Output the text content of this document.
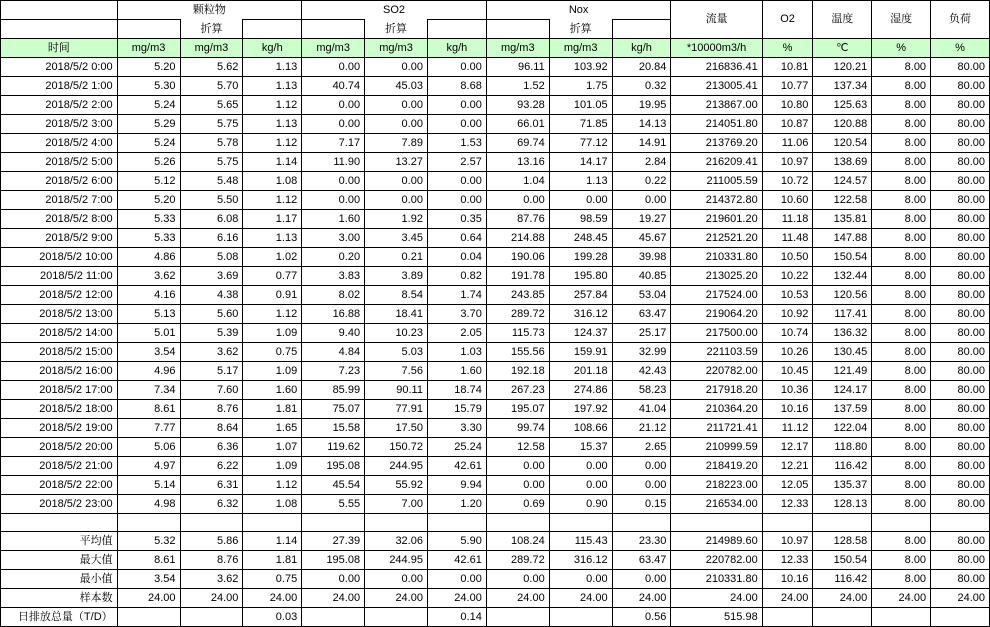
	颗粒物			SO2			Nox			流量	O2	温度	湿度	负荷
		折算			折算			折算						
时间	mg/m3	mg/m3	kg/h	mg/m3	mg/m3	kg/h	mg/m3	mg/m3	kg/h	*10000m3/h	%	℃	%	%
2018/5/2 0:00	5.20	5.62	1.13	0.00	0.00	0.00	96.11	103.92	20.84	216836.41	10.81	120.21	8.00	80.00
2018/5/2 1:00	5.30	5.70	1.13	40.74	45.03	8.68	1.52	1.75	0.32	213005.41	10.77	137.34	8.00	80.00
2018/5/2 2:00	5.24	5.65	1.12	0.00	0.00	0.00	93.28	101.05	19.95	213867.00	10.80	125.63	8.00	80.00
2018/5/2 3:00	5.29	5.75	1.13	0.00	0.00	0.00	66.01	71.85	14.13	214051.80	10.87	120.88	8.00	80.00
2018/5/2 4:00	5.24	5.78	1.12	7.17	7.89	1.53	69.74	77.12	14.91	213769.20	11.06	120.54	8.00	80.00
2018/5/2 5:00	5.26	5.75	1.14	11.90	13.27	2.57	13.16	14.17	2.84	216209.41	10.97	138.69	8.00	80.00
2018/5/2 6:00	5.12	5.48	1.08	0.00	0.00	0.00	1.04	1.13	0.22	211005.59	10.72	124.57	8.00	80.00
2018/5/2 7:00	5.20	5.50	1.12	0.00	0.00	0.00	0.00	0.00	0.00	214372.80	10.60	122.58	8.00	80.00
2018/5/2 8:00	5.33	6.08	1.17	1.60	1.92	0.35	87.76	98.59	19.27	219601.20	11.18	135.81	8.00	80.00
2018/5/2 9:00	5.33	6.16	1.13	3.00	3.45	0.64	214.88	248.45	45.67	212521.20	11.48	147.88	8.00	80.00
2018/5/2 10:00	4.86	5.08	1.02	0.20	0.21	0.04	190.06	199.28	39.98	210331.80	10.50	150.54	8.00	80.00
2018/5/2 11:00	3.62	3.69	0.77	3.83	3.89	0.82	191.78	195.80	40.85	213025.20	10.22	132.44	8.00	80.00
2018/5/2 12:00	4.16	4.38	0.91	8.02	8.54	1.74	243.85	257.84	53.04	217524.00	10.53	120.56	8.00	80.00
2018/5/2 13:00	5.13	5.60	1.12	16.88	18.41	3.70	289.72	316.12	63.47	219064.20	10.92	117.41	8.00	80.00
2018/5/2 14:00	5.01	5.39	1.09	9.40	10.23	2.05	115.73	124.37	25.17	217500.00	10.74	136.32	8.00	80.00
2018/5/2 15:00	3.54	3.62	0.75	4.84	5.03	1.03	155.56	159.91	32.99	221103.59	10.26	130.45	8.00	80.00
2018/5/2 16:00	4.96	5.17	1.09	7.23	7.56	1.60	192.18	201.18	42.43	220782.00	10.45	121.49	8.00	80.00
2018/5/2 17:00	7.34	7.60	1.60	85.99	90.11	18.74	267.23	274.86	58.23	217918.20	10.36	124.17	8.00	80.00
2018/5/2 18:00	8.61	8.76	1.81	75.07	77.91	15.79	195.07	197.92	41.04	210364.20	10.16	137.59	8.00	80.00
2018/5/2 19:00	7.77	8.64	1.65	15.58	17.50	3.30	99.74	108.66	21.12	211721.41	11.12	122.04	8.00	80.00
2018/5/2 20:00	5.06	6.36	1.07	119.62	150.72	25.24	12.58	15.37	2.65	210999.59	12.17	118.80	8.00	80.00
2018/5/2 21:00	4.97	6.22	1.09	195.08	244.95	42.61	0.00	0.00	0.00	218419.20	12.21	116.42	8.00	80.00
2018/5/2 22:00	5.14	6.31	1.12	45.54	55.92	9.94	0.00	0.00	0.00	218223.00	12.05	135.37	8.00	80.00
2018/5/2 23:00	4.98	6.32	1.08	5.55	7.00	1.20	0.69	0.90	0.15	216534.00	12.33	128.13	8.00	80.00

平均值	5.32	5.86	1.14	27.39	32.06	5.90	108.24	115.43	23.30	214989.60	10.97	128.58	8.00	80.00
最大值	8.61	8.76	1.81	195.08	244.95	42.61	289.72	316.12	63.47	220782.00	12.33	150.54	8.00	80.00
最小值	3.54	3.62	0.75	0.00	0.00	0.00	0.00	0.00	0.00	210331.80	10.16	116.42	8.00	80.00
样本数	24.00	24.00	24.00	24.00	24.00	24.00	24.00	24.00	24.00	24.00	24.00	24.00	24.00	24.00
日排放总量（T/D）			0.03			0.14			0.56	515.98				
